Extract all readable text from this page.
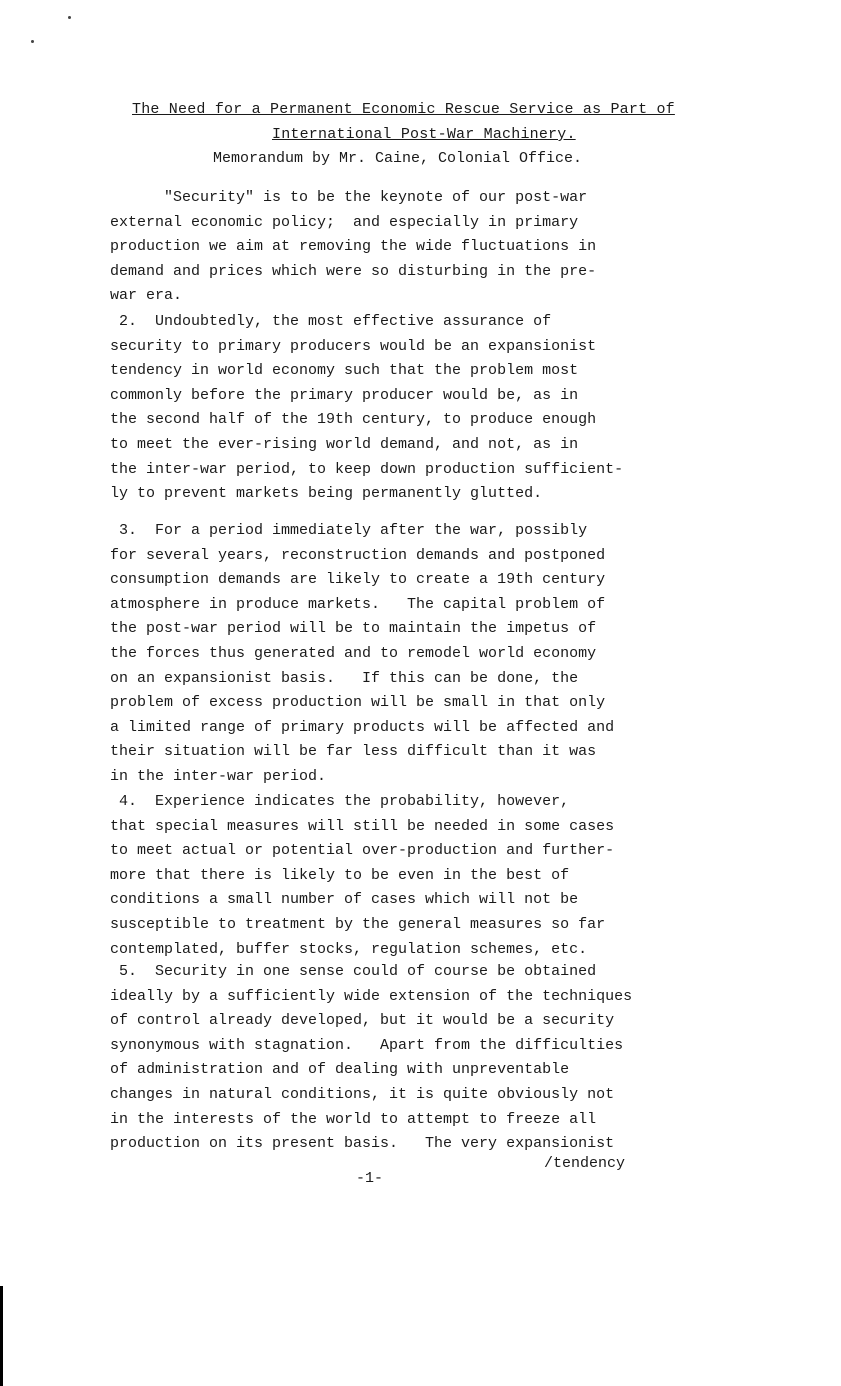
The Need for a Permanent Economic Rescue Service as Part of
International Post-War Machinery.
Memorandum by Mr. Caine, Colonial Office.
"Security" is to be the keynote of our post-war
external economic policy;  and especially in primary
production we aim at removing the wide fluctuations in
demand and prices which were so disturbing in the pre-
war era.
2.  Undoubtedly, the most effective assurance of
security to primary producers would be an expansionist
tendency in world economy such that the problem most
commonly before the primary producer would be, as in
the second half of the 19th century, to produce enough
to meet the ever-rising world demand, and not, as in
the inter-war period, to keep down production sufficient-
ly to prevent markets being permanently glutted.
3.  For a period immediately after the war, possibly
for several years, reconstruction demands and postponed
consumption demands are likely to create a 19th century
atmosphere in produce markets.   The capital problem of
the post-war period will be to maintain the impetus of
the forces thus generated and to remodel world economy
on an expansionist basis.   If this can be done, the
problem of excess production will be small in that only
a limited range of primary products will be affected and
their situation will be far less difficult than it was
in the inter-war period.
4.  Experience indicates the probability, however,
that special measures will still be needed in some cases
to meet actual or potential over-production and further-
more that there is likely to be even in the best of
conditions a small number of cases which will not be
susceptible to treatment by the general measures so far
contemplated, buffer stocks, regulation schemes, etc.
5.  Security in one sense could of course be obtained
ideally by a sufficiently wide extension of the techniques
of control already developed, but it would be a security
synonymous with stagnation.   Apart from the difficulties
of administration and of dealing with unpreventable
changes in natural conditions, it is quite obviously not
in the interests of the world to attempt to freeze all
production on its present basis.   The very expansionist
/tendency
-1-
